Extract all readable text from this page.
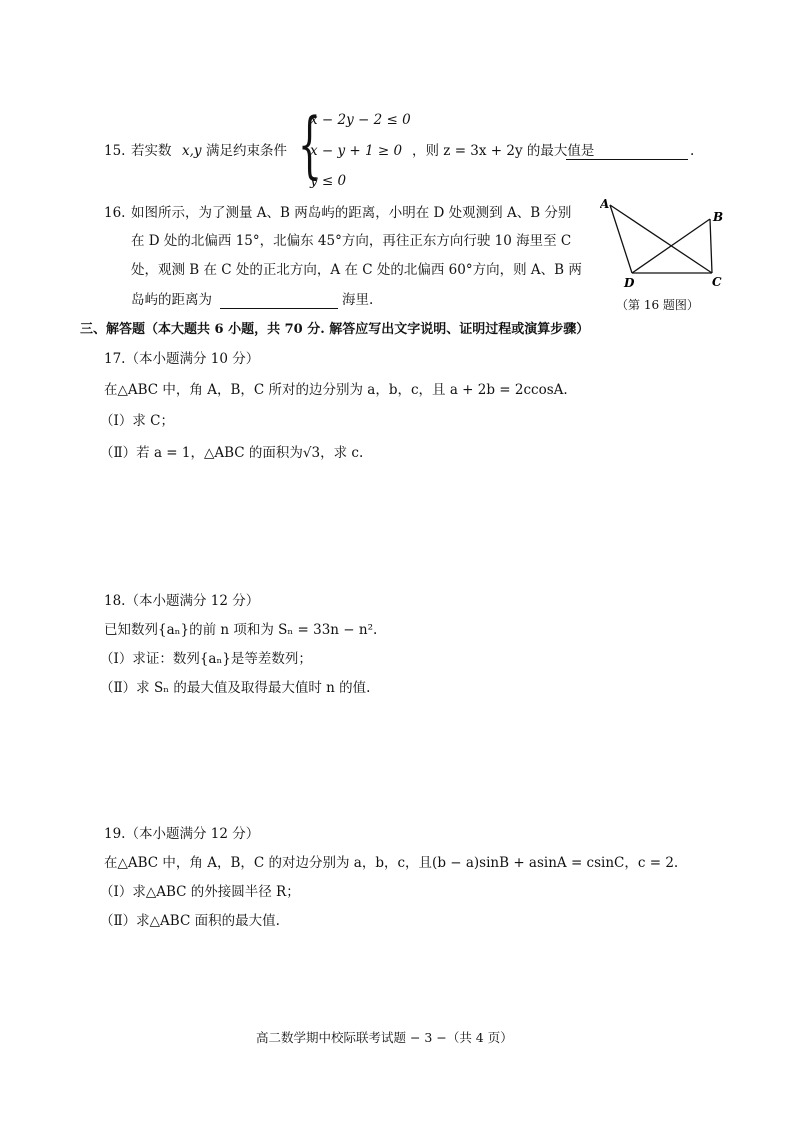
15. 若实数 x,y 满足约束条件 {
x − 2y − 2 ≤ 0
x − y + 1 ≥ 0
y ≤ 0
，则 z = 3x + 2y 的最大值是	.
16. 如图所示，为了测量 A、B 两岛屿的距离，小明在 D 处观测到 A、B 分别
在 D 处的北偏西 15°，北偏东 45°方向，再往正东方向行驶 10 海里至 C
处，观测 B 在 C 处的正北方向，A 在 C 处的北偏西 60°方向，则 A、B 两
岛屿的距离为	海里.
A
B
C
D
（第 16 题图）
三、解答题（本大题共 6 小题，共 70 分. 解答应写出文字说明、证明过程或演算步骤）
17.（本小题满分 10 分）
在△ABC 中，角 A，B，C 所对的边分别为 a，b，c，且 a + 2b = 2ccosA.
（Ⅰ）求 C；
（Ⅱ）若 a = 1，△ABC 的面积为√3，求 c.
18.（本小题满分 12 分）
已知数列{aₙ}的前 n 项和为 Sₙ = 33n − n².
（Ⅰ）求证：数列{aₙ}是等差数列；
（Ⅱ）求 Sₙ 的最大值及取得最大值时 n 的值.
19.（本小题满分 12 分）
在△ABC 中，角 A，B，C 的对边分别为 a，b，c，且(b − a)sinB + asinA = csinC，c = 2.
（Ⅰ）求△ABC 的外接圆半径 R；
（Ⅱ）求△ABC 面积的最大值.
高二数学期中校际联考试题 − 3 −（共 4 页）
